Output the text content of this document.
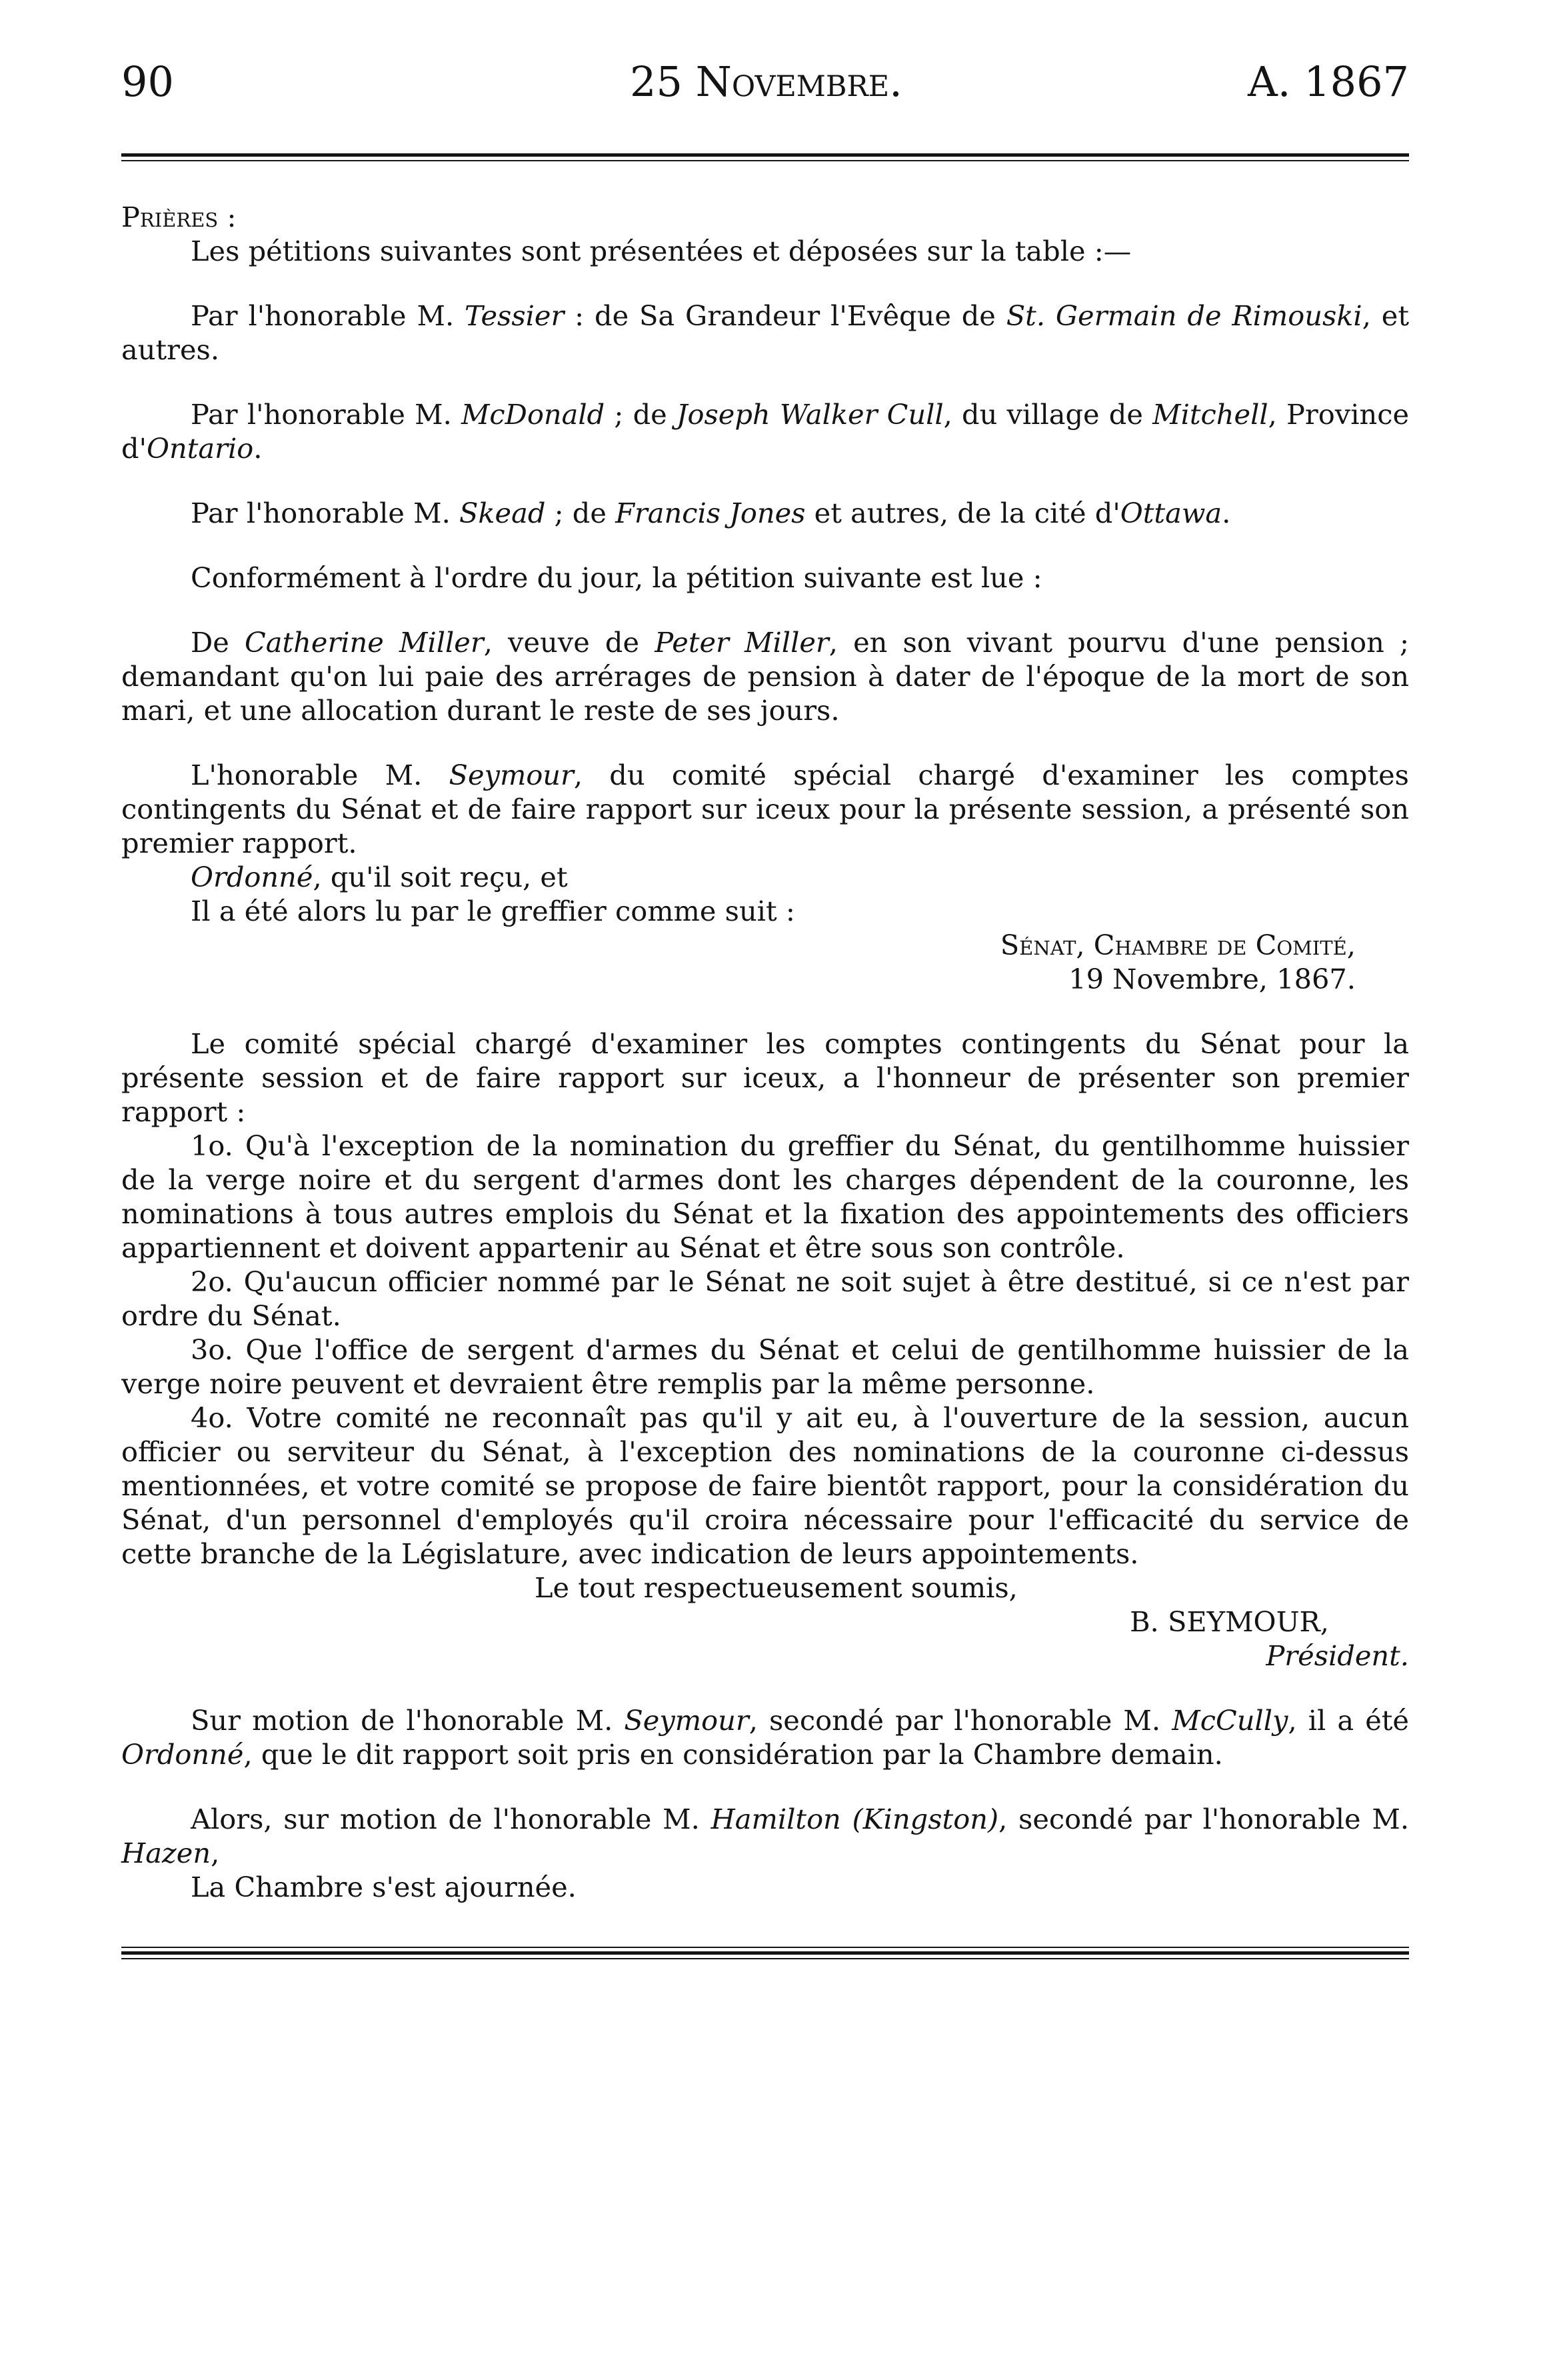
90	25 Novembre.	A. 1867

Prières :

Les pétitions suivantes sont présentées et déposées sur la table :—

Par l'honorable M. Tessier : de Sa Grandeur l'Evêque de St. Germain de Rimouski, et autres.

Par l'honorable M. McDonald ; de Joseph Walker Cull, du village de Mitchell, Province d'Ontario.

Par l'honorable M. Skead ; de Francis Jones et autres, de la cité d'Ottawa.

Conformément à l'ordre du jour, la pétition suivante est lue :

De Catherine Miller, veuve de Peter Miller, en son vivant pourvu d'une pension ; demandant qu'on lui paie des arrérages de pension à dater de l'époque de la mort de son mari, et une allocation durant le reste de ses jours.

L'honorable M. Seymour, du comité spécial chargé d'examiner les comptes contingents du Sénat et de faire rapport sur iceux pour la présente session, a présenté son premier rapport.

Ordonné, qu'il soit reçu, et

Il a été alors lu par le greffier comme suit :

Sénat, Chambre de Comité,

19 Novembre, 1867.

Le comité spécial chargé d'examiner les comptes contingents du Sénat pour la présente session et de faire rapport sur iceux, a l'honneur de présenter son premier rapport :

1o. Qu'à l'exception de la nomination du greffier du Sénat, du gentilhomme huissier de la verge noire et du sergent d'armes dont les charges dépendent de la couronne, les nominations à tous autres emplois du Sénat et la fixation des appointements des officiers appartiennent et doivent appartenir au Sénat et être sous son contrôle.

2o. Qu'aucun officier nommé par le Sénat ne soit sujet à être destitué, si ce n'est par ordre du Sénat.

3o. Que l'office de sergent d'armes du Sénat et celui de gentilhomme huissier de la verge noire peuvent et devraient être remplis par la même personne.

4o. Votre comité ne reconnaît pas qu'il y ait eu, à l'ouverture de la session, aucun officier ou serviteur du Sénat, à l'exception des nominations de la couronne ci-dessus mentionnées, et votre comité se propose de faire bientôt rapport, pour la considération du Sénat, d'un personnel d'employés qu'il croira nécessaire pour l'efficacité du service de cette branche de la Législature, avec indication de leurs appointements.

Le tout respectueusement soumis,

B. SEYMOUR,

Président.

Sur motion de l'honorable M. Seymour, secondé par l'honorable M. McCully, il a été Ordonné, que le dit rapport soit pris en considération par la Chambre demain.

Alors, sur motion de l'honorable M. Hamilton (Kingston), secondé par l'honorable M. Hazen,

La Chambre s'est ajournée.
